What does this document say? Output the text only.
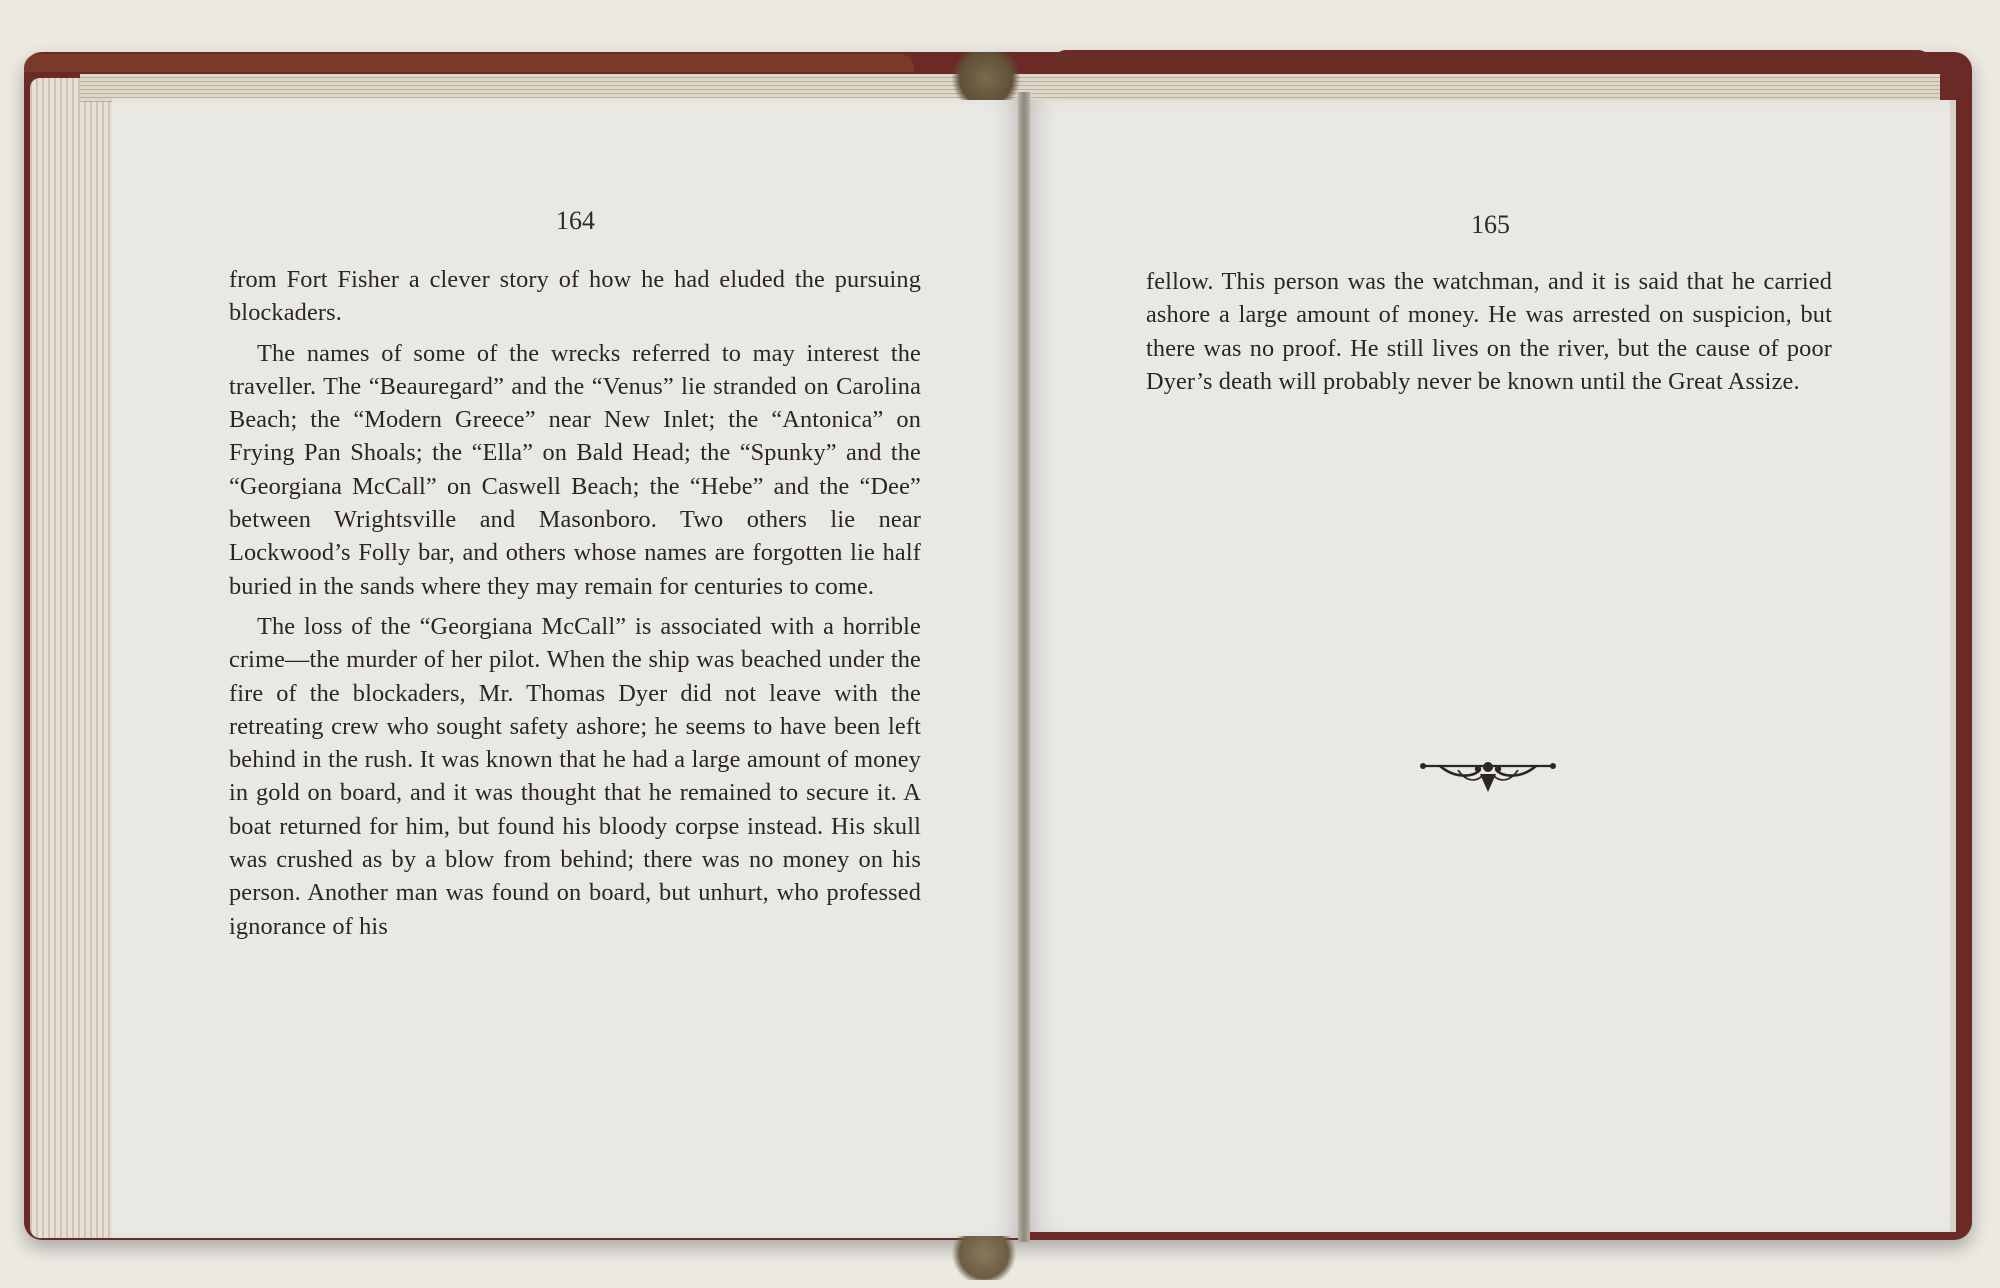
164	165

from Fort Fisher a clever story of how he had eluded the pursuing blockaders.

The names of some of the wrecks referred to may interest the traveller. The “Beauregard” and the “Venus” lie stranded on Carolina Beach; the “Modern Greece” near New Inlet; the “Antonica” on Frying Pan Shoals; the “Ella” on Bald Head; the “Spunky” and the “Georgiana McCall” on Caswell Beach; the “Hebe” and the “Dee” between Wrightsville and Masonboro. Two others lie near Lockwood’s Folly bar, and others whose names are forgotten lie half buried in the sands where they may remain for centuries to come.

The loss of the “Georgiana McCall” is associated with a horrible crime—the murder of her pilot. When the ship was beached under the fire of the blockaders, Mr. Thomas Dyer did not leave with the retreating crew who sought safety ashore; he seems to have been left behind in the rush. It was known that he had a large amount of money in gold on board, and it was thought that he remained to secure it. A boat returned for him, but found his bloody corpse instead. His skull was crushed as by a blow from behind; there was no money on his person. Another man was found on board, but unhurt, who professed ignorance of his

fellow. This person was the watchman, and it is said that he carried ashore a large amount of money. He was arrested on suspicion, but there was no proof. He still lives on the river, but the cause of poor Dyer’s death will probably never be known until the Great Assize.
